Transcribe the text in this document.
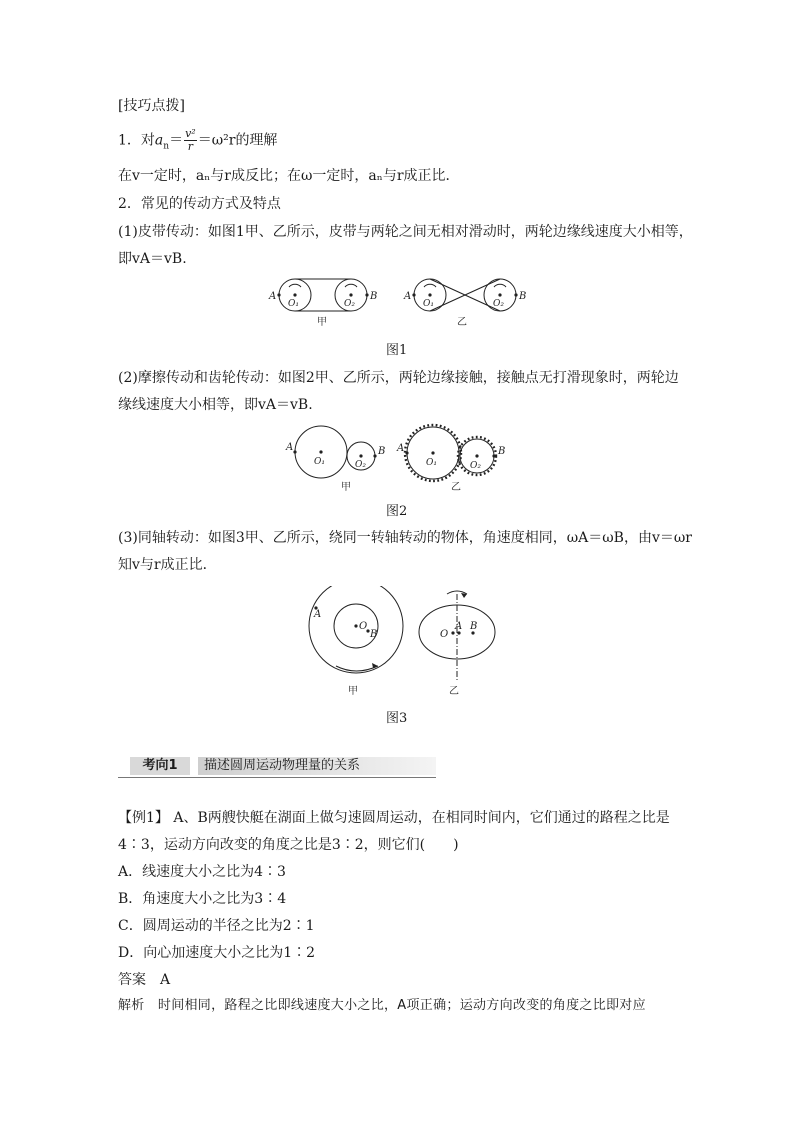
[技巧点拨]
1．对$a_n= \frac{\text{v²}}{r} =\omega^2r$的理解
在v一定时，aₙ与r成反比；在ω一定时，aₙ与r成正比．
2．常见的传动方式及特点
(1)皮带传动：如图1甲、乙所示，皮带与两轮之间无相对滑动时，两轮边缘线速度大小相等，
即vA＝vB.
A	B	A	B
O₁	O₂	O₁	O₂
甲	乙
图1
(2)摩擦传动和齿轮传动：如图2甲、乙所示，两轮边缘接触，接触点无打滑现象时，两轮边
缘线速度大小相等，即vA＝vB.
A	B A	B
O₁	O₂	O₁	O₂
甲	乙
图2
(3)同轴转动：如图3甲、乙所示，绕同一转轴转动的物体，角速度相同，ωA＝ωB，由v＝ωr
知v与r成正比．
A
O
B	O
A B
甲	乙
图3
考向1	描述圆周运动物理量的关系
【例1】 A、B两艘快艇在湖面上做匀速圆周运动，在相同时间内，它们通过的路程之比是
4∶3，运动方向改变的角度之比是3∶2，则它们(　　)
A．线速度大小之比为4∶3
B．角速度大小之比为3∶4
C．圆周运动的半径之比为2∶1
D．向心加速度大小之比为1∶2
答案　A
解析　时间相同，路程之比即线速度大小之比，A项正确；运动方向改变的角度之比即对应
